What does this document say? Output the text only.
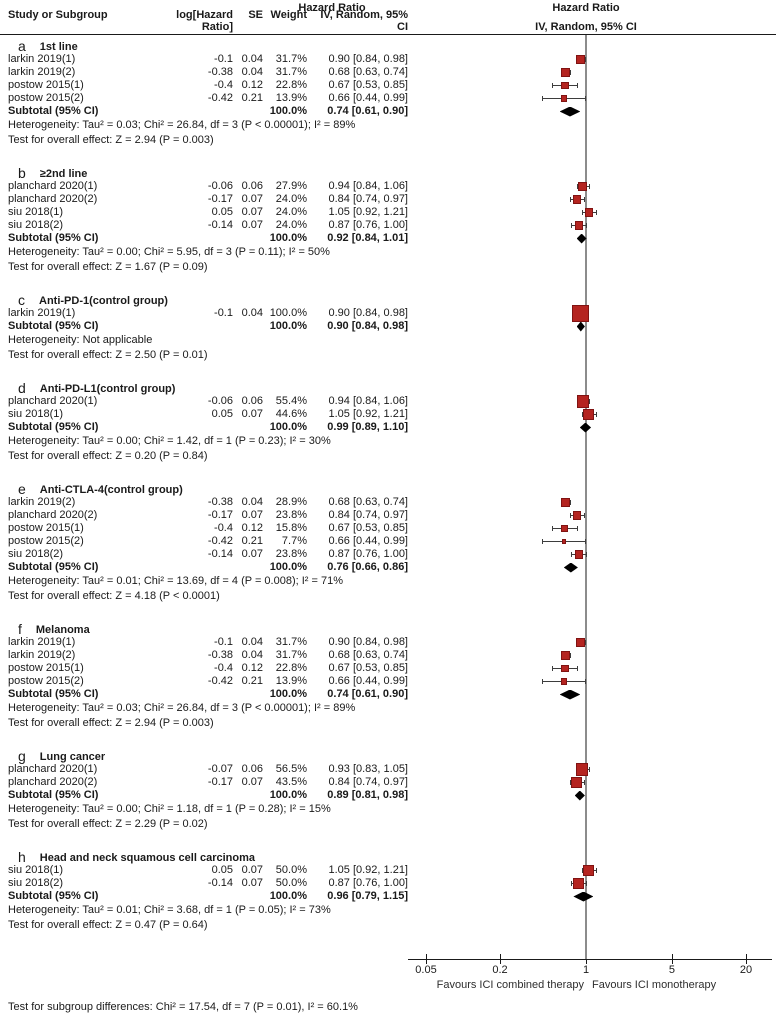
Hazard Ratio	Hazard Ratio
Study or Subgroup	log[Hazard Ratio]
SE Weight	IV, Random, 95% CI	IV, Random, 95% CI
a 1st line
larkin 2019(1)	-0.1 0.04	31.7%	0.90 [0.84, 0.98]
larkin 2019(2)	-0.38 0.04	31.7%	0.68 [0.63, 0.74]
postow 2015(1)	-0.4 0.12	22.8%	0.67 [0.53, 0.85]
postow 2015(2)	-0.42 0.21	13.9%	0.66 [0.44, 0.99]
Subtotal (95% CI)	100.0%	0.74 [0.61, 0.90]
Heterogeneity: Tau² = 0.03; Chi² = 26.84, df = 3 (P < 0.00001); I² = 89%
Test for overall effect: Z = 2.94 (P = 0.003)
b ≥2nd line
planchard 2020(1)	-0.06 0.06	27.9%	0.94 [0.84, 1.06]
planchard 2020(2)	-0.17 0.07	24.0%	0.84 [0.74, 0.97]
siu 2018(1)	0.05 0.07	24.0%	1.05 [0.92, 1.21]
siu 2018(2)	-0.14 0.07	24.0%	0.87 [0.76, 1.00]
Subtotal (95% CI)	100.0%	0.92 [0.84, 1.01]
Heterogeneity: Tau² = 0.00; Chi² = 5.95, df = 3 (P = 0.11); I² = 50%
Test for overall effect: Z = 1.67 (P = 0.09)
c Anti-PD-1(control group)
larkin 2019(1)	-0.1 0.04 100.0%	0.90 [0.84, 0.98]
Subtotal (95% CI)	100.0%	0.90 [0.84, 0.98]
Heterogeneity: Not applicable
Test for overall effect: Z = 2.50 (P = 0.01)
d Anti-PD-L1(control group)
planchard 2020(1)	-0.06 0.06	55.4%	0.94 [0.84, 1.06]
siu 2018(1)	0.05 0.07	44.6%	1.05 [0.92, 1.21]
Subtotal (95% CI)	100.0%	0.99 [0.89, 1.10]
Heterogeneity: Tau² = 0.00; Chi² = 1.42, df = 1 (P = 0.23); I² = 30%
Test for overall effect: Z = 0.20 (P = 0.84)
e Anti-CTLA-4(control group)
larkin 2019(2)	-0.38 0.04	28.9%	0.68 [0.63, 0.74]
planchard 2020(2)	-0.17 0.07	23.8%	0.84 [0.74, 0.97]
postow 2015(1)	-0.4 0.12	15.8%	0.67 [0.53, 0.85]
postow 2015(2)	-0.42 0.21	7.7%	0.66 [0.44, 0.99]
siu 2018(2)	-0.14 0.07	23.8%	0.87 [0.76, 1.00]
Subtotal (95% CI)	100.0%	0.76 [0.66, 0.86]
Heterogeneity: Tau² = 0.01; Chi² = 13.69, df = 4 (P = 0.008); I² = 71%
Test for overall effect: Z = 4.18 (P < 0.0001)
f Melanoma
larkin 2019(1)	-0.1 0.04	31.7%	0.90 [0.84, 0.98]
larkin 2019(2)	-0.38 0.04	31.7%	0.68 [0.63, 0.74]
postow 2015(1)	-0.4 0.12	22.8%	0.67 [0.53, 0.85]
postow 2015(2)	-0.42 0.21	13.9%	0.66 [0.44, 0.99]
Subtotal (95% CI)	100.0%	0.74 [0.61, 0.90]
Heterogeneity: Tau² = 0.03; Chi² = 26.84, df = 3 (P < 0.00001); I² = 89%
Test for overall effect: Z = 2.94 (P = 0.003)
g Lung cancer
planchard 2020(1)	-0.07 0.06	56.5%	0.93 [0.83, 1.05]
planchard 2020(2)	-0.17 0.07	43.5%	0.84 [0.74, 0.97]
Subtotal (95% CI)	100.0%	0.89 [0.81, 0.98]
Heterogeneity: Tau² = 0.00; Chi² = 1.18, df = 1 (P = 0.28); I² = 15%
Test for overall effect: Z = 2.29 (P = 0.02)
h Head and neck squamous cell carcinoma
siu 2018(1)	0.05 0.07	50.0%	1.05 [0.92, 1.21]
siu 2018(2)	-0.14 0.07	50.0%	0.87 [0.76, 1.00]
Subtotal (95% CI)	100.0%	0.96 [0.79, 1.15]
Heterogeneity: Tau² = 0.01; Chi² = 3.68, df = 1 (P = 0.05); I² = 73%
Test for overall effect: Z = 0.47 (P = 0.64)
Favours ICI combined therapy Favours ICI monotherapy
0.05	0.2	1	5	20
Test for subgroup differences: Chi² = 17.54, df = 7 (P = 0.01), I² = 60.1%
